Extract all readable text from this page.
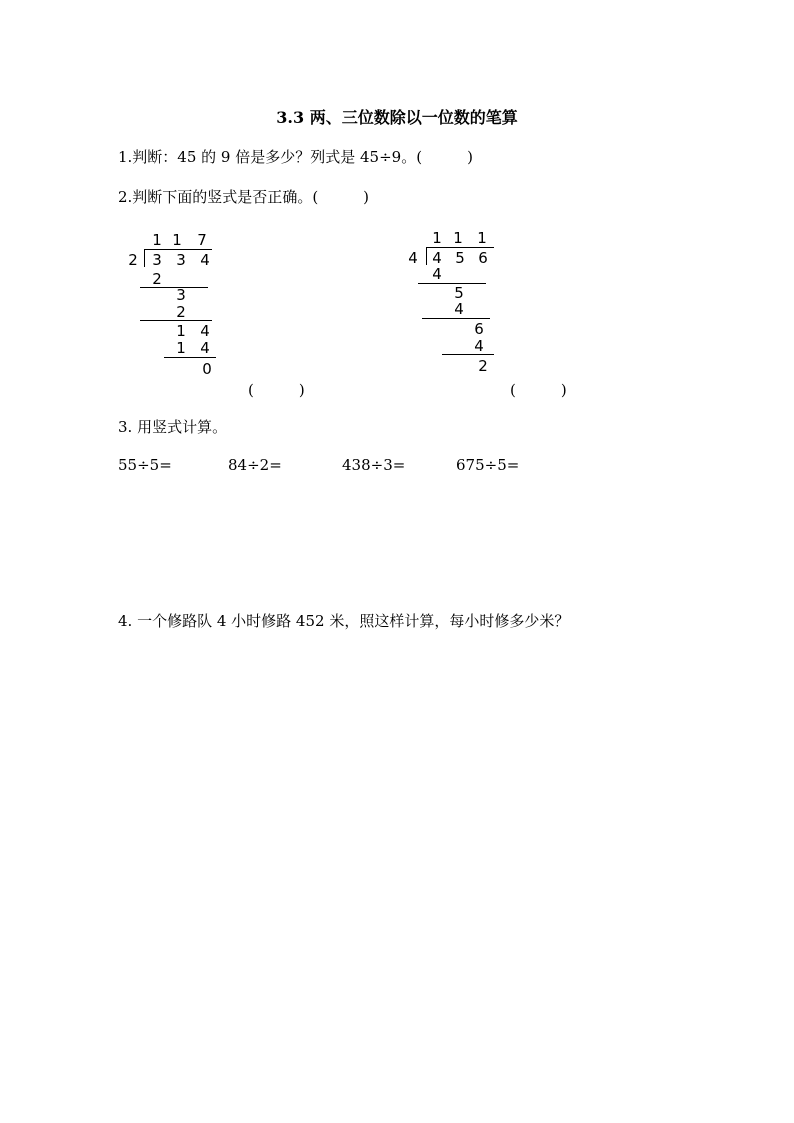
3.3 两、三位数除以一位数的笔算
1.判断：45 的 9 倍是多少？列式是 45÷9。(　　　)
2.判断下面的竖式是否正确。(　　　)
1 1 7
2 3 3 4
2
3
2
1 4
1 4
0
(　　　)
1 1 1
4 4 5 6
4
5
4
6
4
2
(　　　)
3. 用竖式计算。
55÷5=	84÷2=	438÷3=	675÷5=
4. 一个修路队 4 小时修路 452 米，照这样计算，每小时修多少米？
